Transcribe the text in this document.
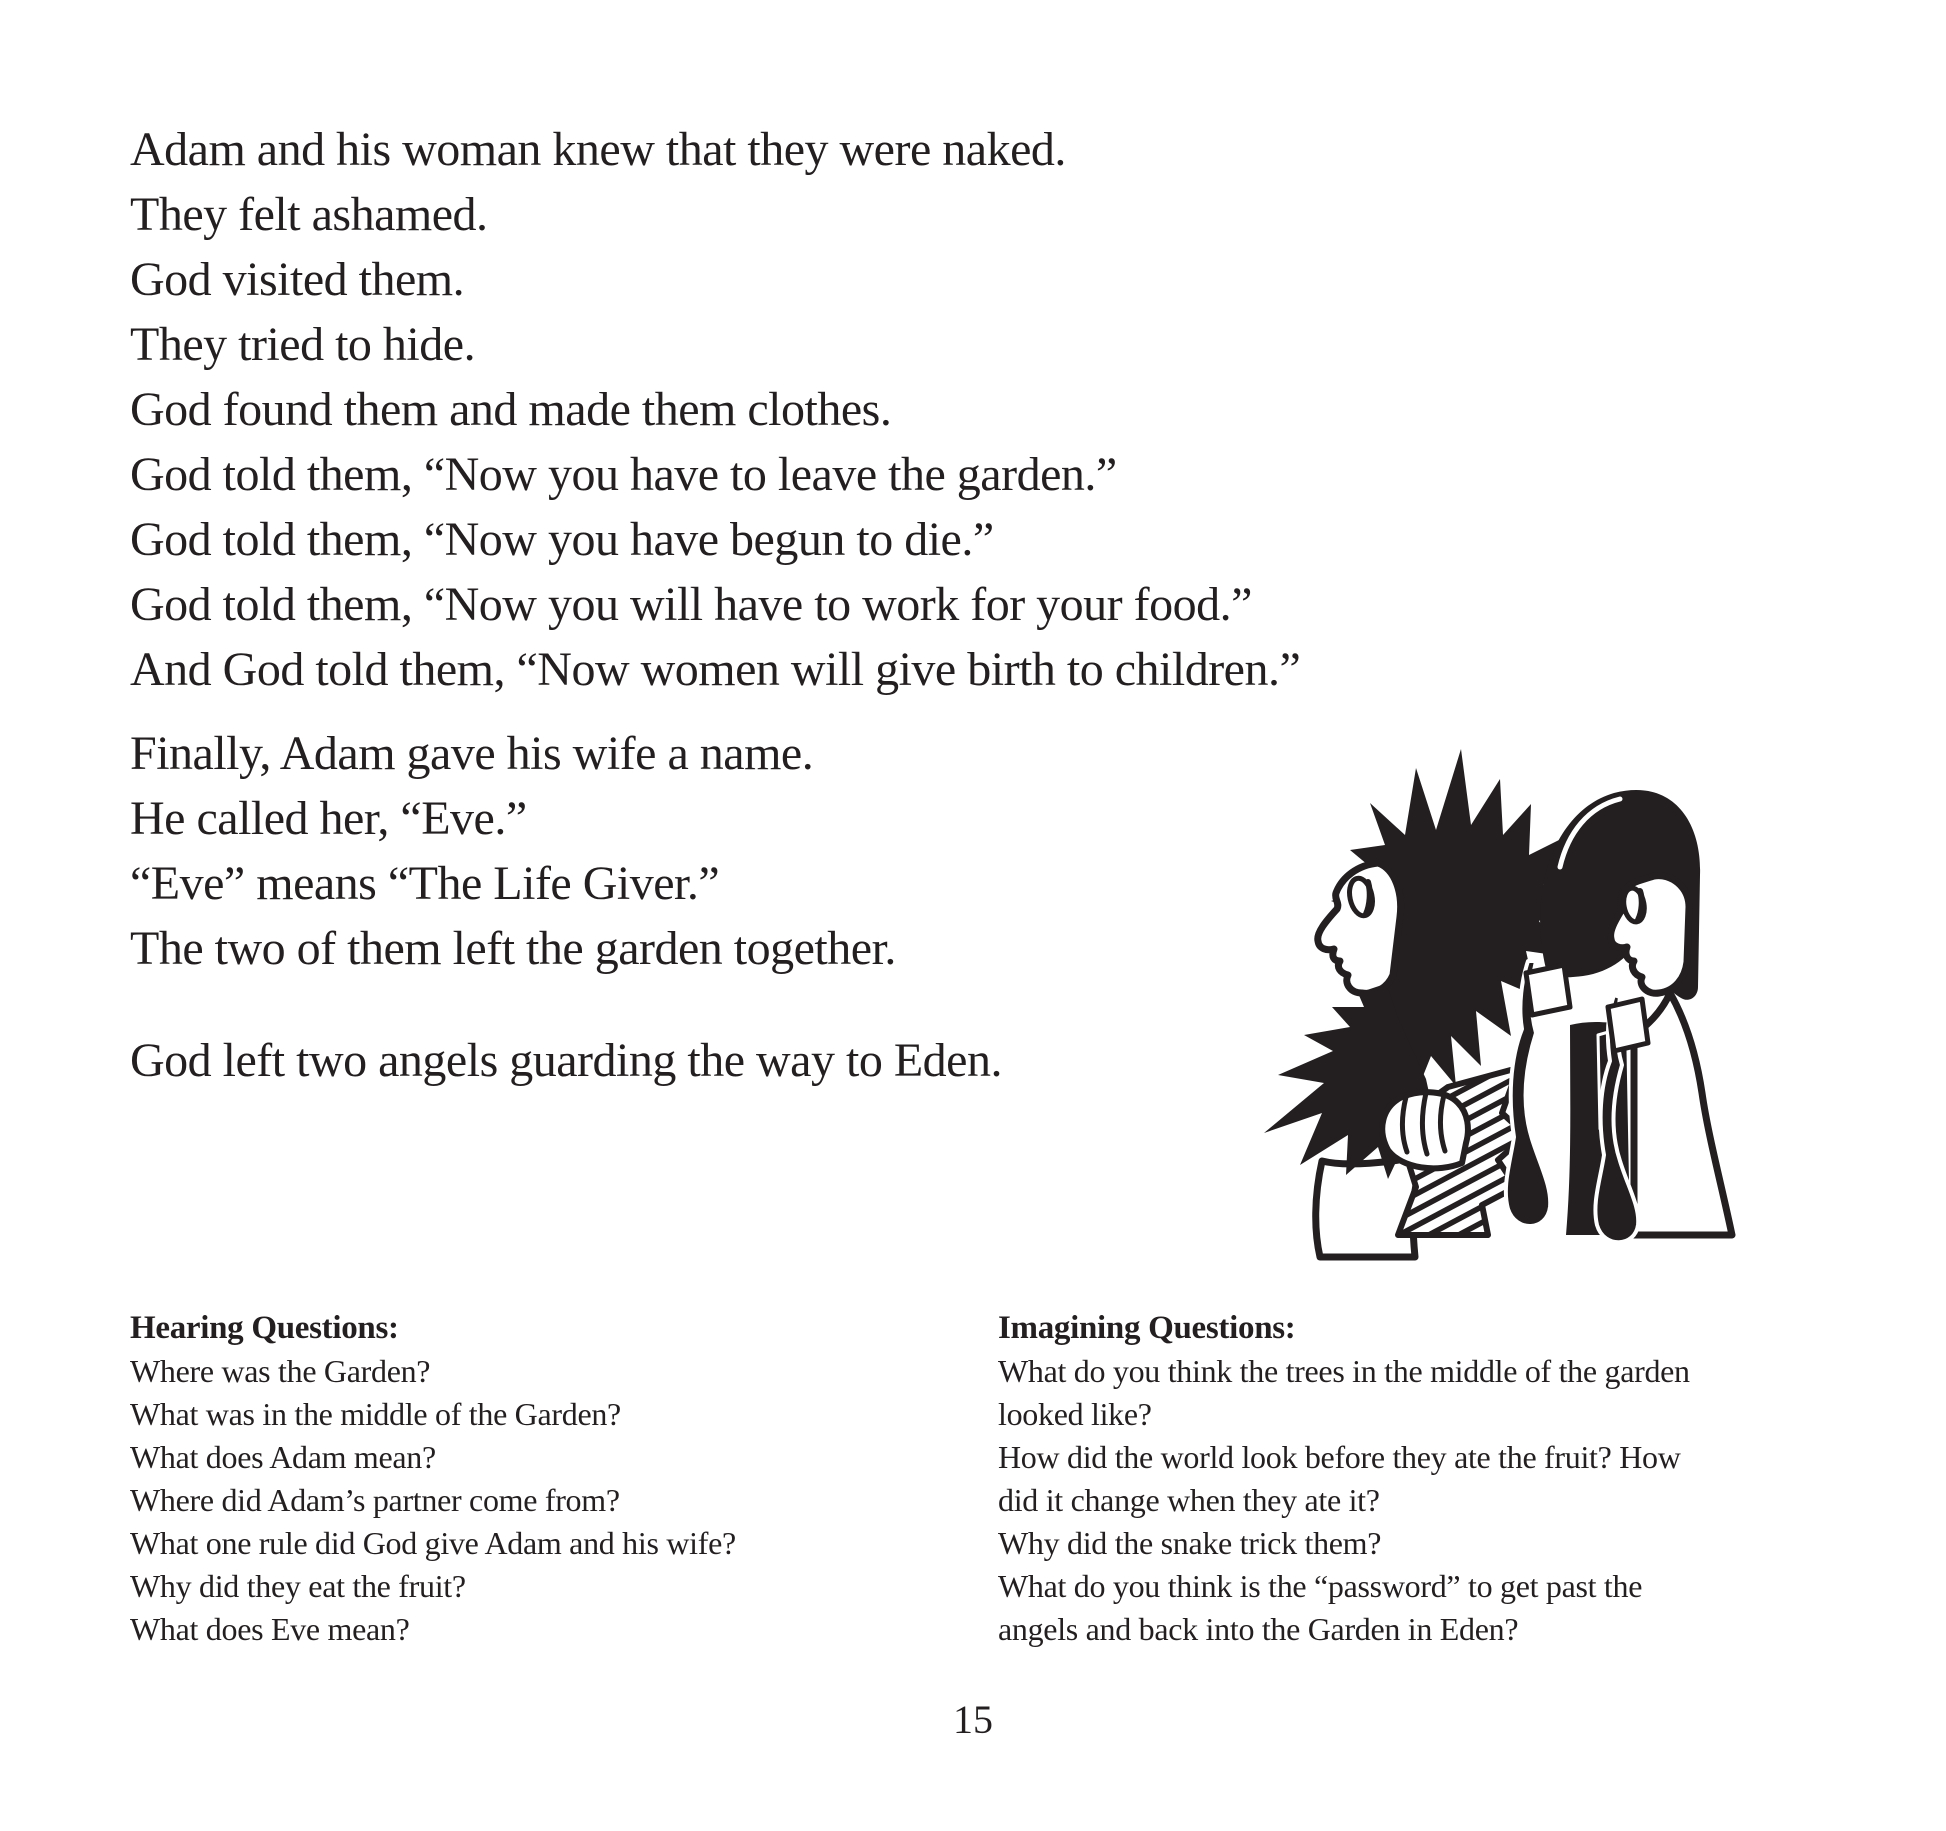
Adam and his woman knew that they were naked.
They felt ashamed.
God visited them.
They tried to hide.
God found them and made them clothes.
God told them, “Now you have to leave the garden.”
God told them, “Now you have begun to die.”
God told them, “Now you will have to work for your food.”
And God told them, “Now women will give birth to children.”
Finally, Adam gave his wife a name.
He called her, “Eve.”
“Eve” means “The Life Giver.”
The two of them left the garden together.
God left two angels guarding the way to Eden.
Hearing Questions:
Where was the Garden?
What was in the middle of the Garden?
What does Adam mean?
Where did Adam’s partner come from?
What one rule did God give Adam and his wife?
Why did they eat the fruit?
What does Eve mean?
Imagining Questions:
What do you think the trees in the middle of the garden
looked like?
How did the world look before they ate the fruit? How
did it change when they ate it?
Why did the snake trick them?
What do you think is the “password” to get past the
angels and back into the Garden in Eden?
15
